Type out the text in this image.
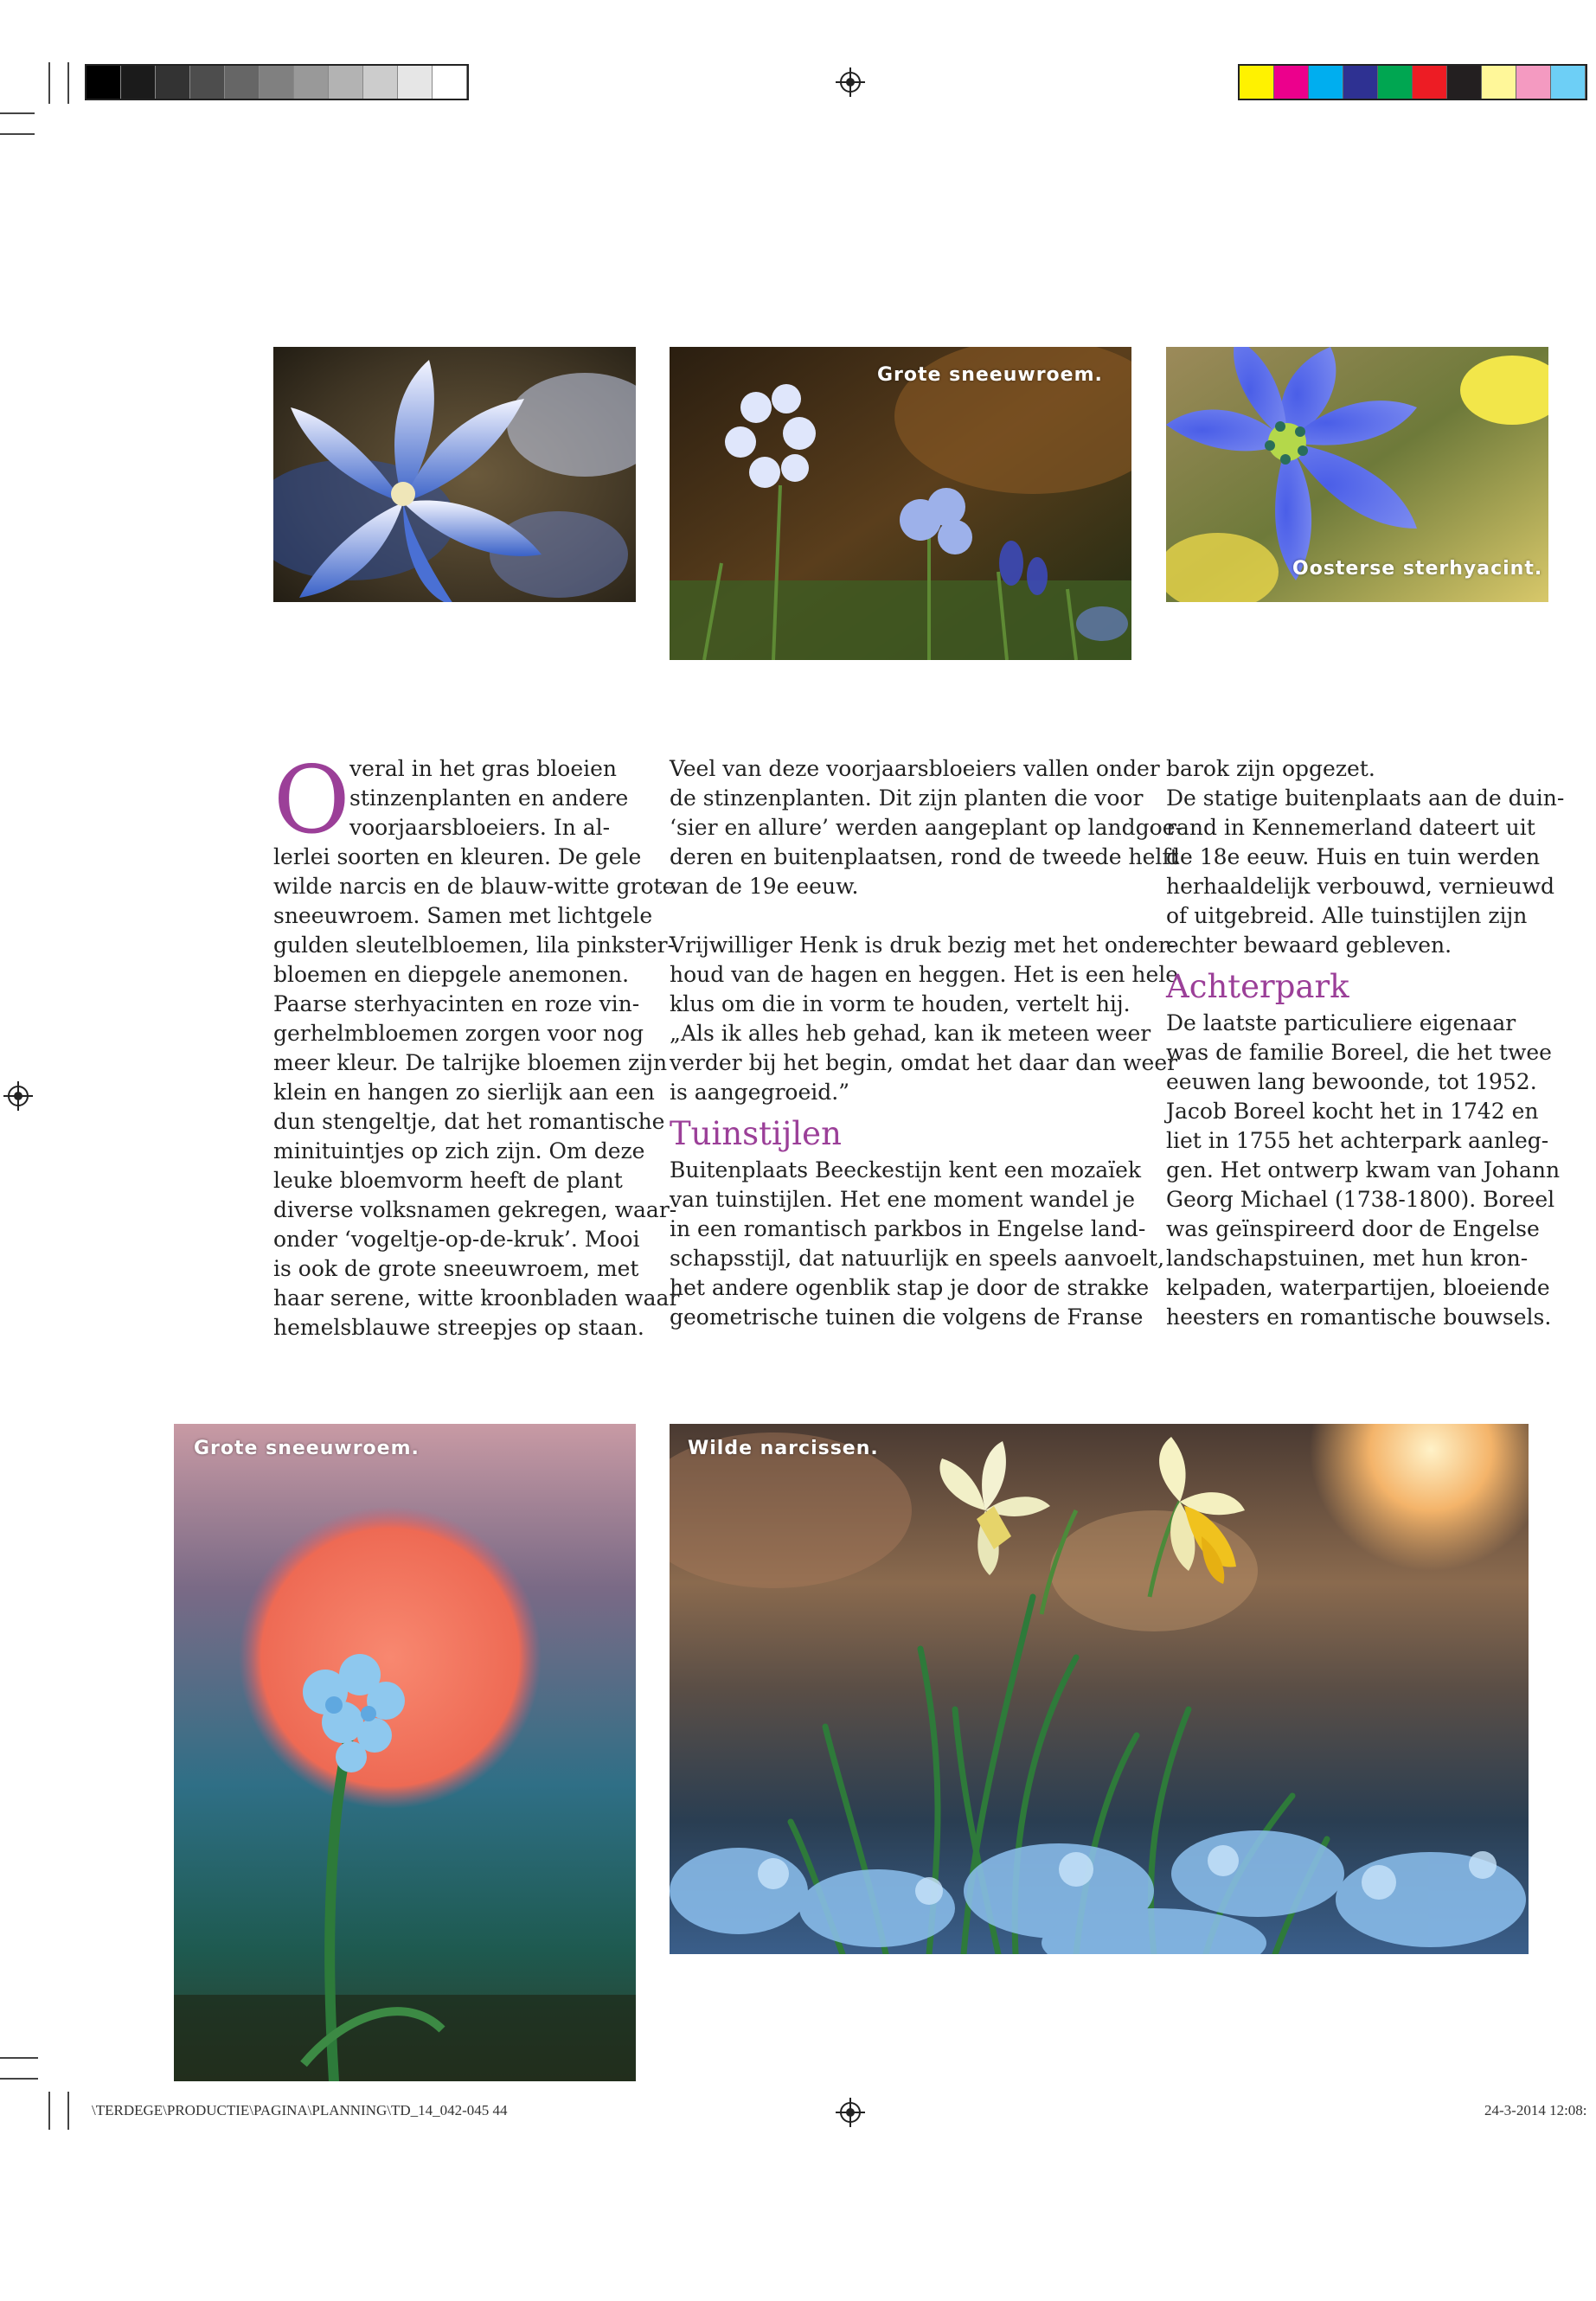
Grote sneeuwroem.
Oosterse sterhyacint.
O veral in het gras bloeien
stinzenplanten en andere
voorjaarsbloeiers. In al-
lerlei soorten en kleuren. De gele
wilde narcis en de blauw-witte grote
sneeuwroem. Samen met lichtgele
gulden sleutelbloemen, lila pinkster-
bloemen en diepgele anemonen.
Paarse sterhyacinten en roze vin-
gerhelmbloemen zorgen voor nog
meer kleur. De talrijke bloemen zijn
klein en hangen zo sierlijk aan een
dun stengeltje, dat het romantische
minituintjes op zich zijn. Om deze
leuke bloemvorm heeft de plant
diverse volksnamen gekregen, waar-
onder ‘vogeltje-op-de-kruk’. Mooi
is ook de grote sneeuwroem, met
haar serene, witte kroonbladen waar
hemelsblauwe streepjes op staan.
Veel van deze voorjaarsbloeiers vallen onder
de stinzenplanten. Dit zijn planten die voor
‘sier en allure’ werden aangeplant op landgoe-
deren en buitenplaatsen, rond de tweede helft
van de 19e eeuw.
Vrijwilliger Henk is druk bezig met het onder-
houd van de hagen en heggen. Het is een hele
klus om die in vorm te houden, vertelt hij.
„Als ik alles heb gehad, kan ik meteen weer
verder bij het begin, omdat het daar dan weer
is aangegroeid.”
Tuinstijlen
Buitenplaats Beeckestijn kent een mozaïek
van tuinstijlen. Het ene moment wandel je
in een romantisch parkbos in Engelse land-
schapsstijl, dat natuurlijk en speels aanvoelt,
het andere ogenblik stap je door de strakke
geometrische tuinen die volgens de Franse
barok zijn opgezet.
De statige buitenplaats aan de duin-
rand in Kennemerland dateert uit
de 18e eeuw. Huis en tuin werden
herhaaldelijk verbouwd, vernieuwd
of uitgebreid. Alle tuinstijlen zijn
echter bewaard gebleven.
Achterpark
De laatste particuliere eigenaar
was de familie Boreel, die het twee
eeuwen lang bewoonde, tot 1952.
Jacob Boreel kocht het in 1742 en
liet in 1755 het achterpark aanleg-
gen. Het ontwerp kwam van Johann
Georg Michael (1738-1800). Boreel
was geïnspireerd door de Engelse
landschapstuinen, met hun kron-
kelpaden, waterpartijen, bloeiende
heesters en romantische bouwsels.
Grote sneeuwroem.	Wilde narcissen.
\TERDEGE\PRODUCTIE\PAGINA\PLANNING\TD_14_042-045 44	24-3-2014 12:08:
